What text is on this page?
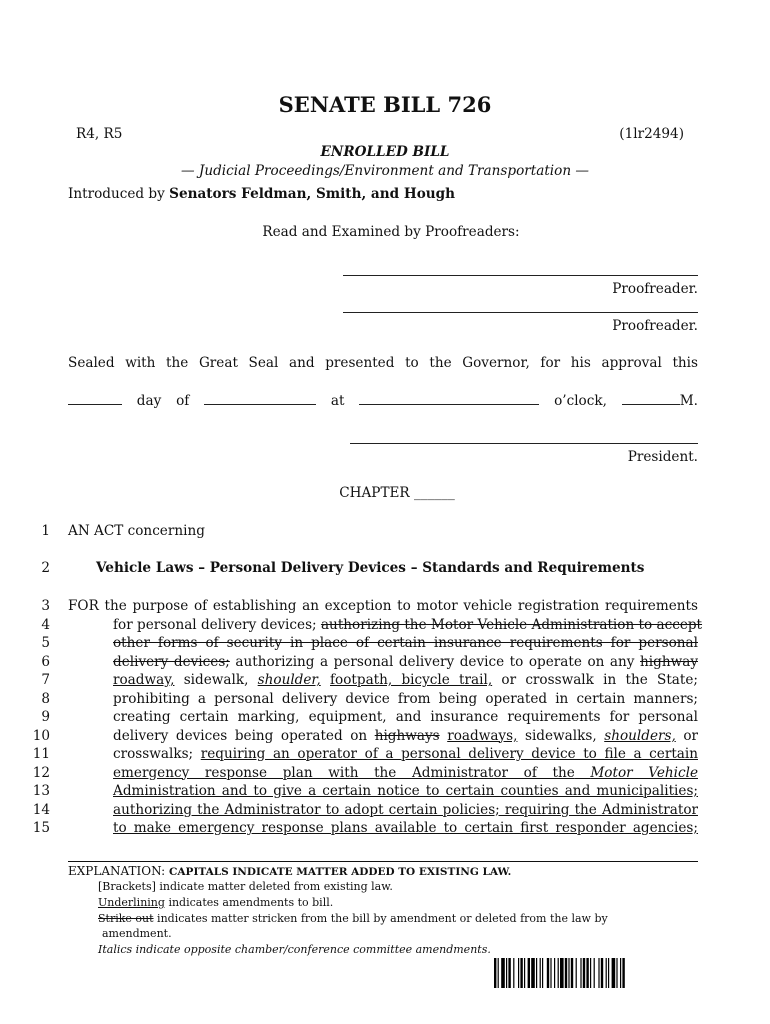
SENATE BILL 726
R4, R5	(1lr2494)
ENROLLED BILL
— Judicial Proceedings/Environment and Transportation —
Introduced by Senators Feldman, Smith, and Hough
Read and Examined by Proofreaders:
Proofreader.
Proofreader.
Sealed with the Great Seal and presented to the Governor, for his approval this
day of	at	o’clock,	M.
President.
CHAPTER ______
1
2
3
4
5
6
7
8
9
10
11
12
13
14
15
AN ACT concerning
Vehicle Laws – Personal Delivery Devices – Standards and Requirements
FOR the purpose of establishing an exception to motor vehicle registration requirements
for personal delivery devices; authorizing the Motor Vehicle Administration to accept
other forms of security in place of certain insurance requirements for personal
delivery devices; authorizing a personal delivery device to operate on any highway
roadway, sidewalk, shoulder, footpath, bicycle trail, or crosswalk in the State;
prohibiting a personal delivery device from being operated in certain manners;
creating certain marking, equipment, and insurance requirements for personal
delivery devices being operated on highways roadways, sidewalks, shoulders, or
crosswalks; requiring an operator of a personal delivery device to file a certain
emergency response plan with the Administrator of the Motor Vehicle
Administration and to give a certain notice to certain counties and municipalities;
authorizing the Administrator to adopt certain policies; requiring the Administrator
to make emergency response plans available to certain first responder agencies;
EXPLANATION: CAPITALS INDICATE MATTER ADDED TO EXISTING LAW.
[Brackets] indicate matter deleted from existing law.
Underlining indicates amendments to bill.
Strike out indicates matter stricken from the bill by amendment or deleted from the law by
amendment.
Italics indicate opposite chamber/conference committee amendments.
